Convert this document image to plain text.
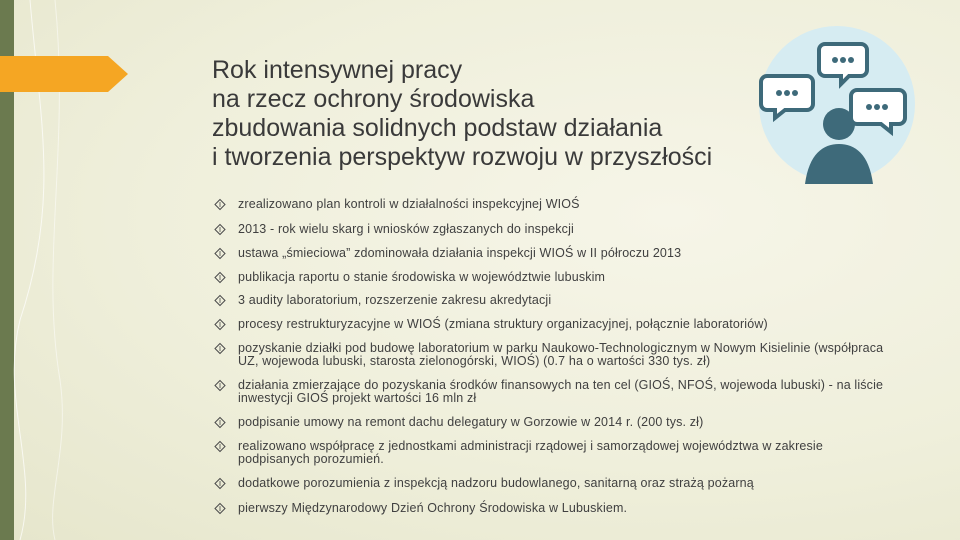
Rok intensywnej pracy
na rzecz ochrony środowiska
zbudowania solidnych podstaw działania
i tworzenia perspektyw rozwoju w przyszłości
zrealizowano plan kontroli w działalności inspekcyjnej WIOŚ
2013 - rok wielu skarg i wniosków zgłaszanych do inspekcji
ustawa „śmieciowa” zdominowała działania inspekcji WIOŚ w II półroczu 2013
publikacja raportu o stanie środowiska w województwie lubuskim
3 audity laboratorium, rozszerzenie zakresu akredytacji
procesy restrukturyzacyjne w WIOŚ (zmiana struktury organizacyjnej, połącznie laboratoriów)
pozyskanie działki pod budowę laboratorium w parku Naukowo-Technologicznym w Nowym Kisielinie (współpraca UZ, wojewoda lubuski, starosta zielonogórski, WIOŚ) (0.7 ha o wartości 330 tys. zł)
działania zmierzające do pozyskania środków finansowych na ten cel (GIOŚ, NFOŚ, wojewoda lubuski) - na liście inwestycji GIOŚ projekt wartości 16 mln zł
podpisanie umowy na remont dachu delegatury w Gorzowie w 2014 r. (200 tys. zł)
realizowano współpracę z jednostkami administracji rządowej i samorządowej województwa w zakresie podpisanych porozumień.
dodatkowe porozumienia z inspekcją nadzoru budowlanego, sanitarną oraz strażą pożarną
pierwszy Międzynarodowy Dzień Ochrony Środowiska w Lubuskiem.
